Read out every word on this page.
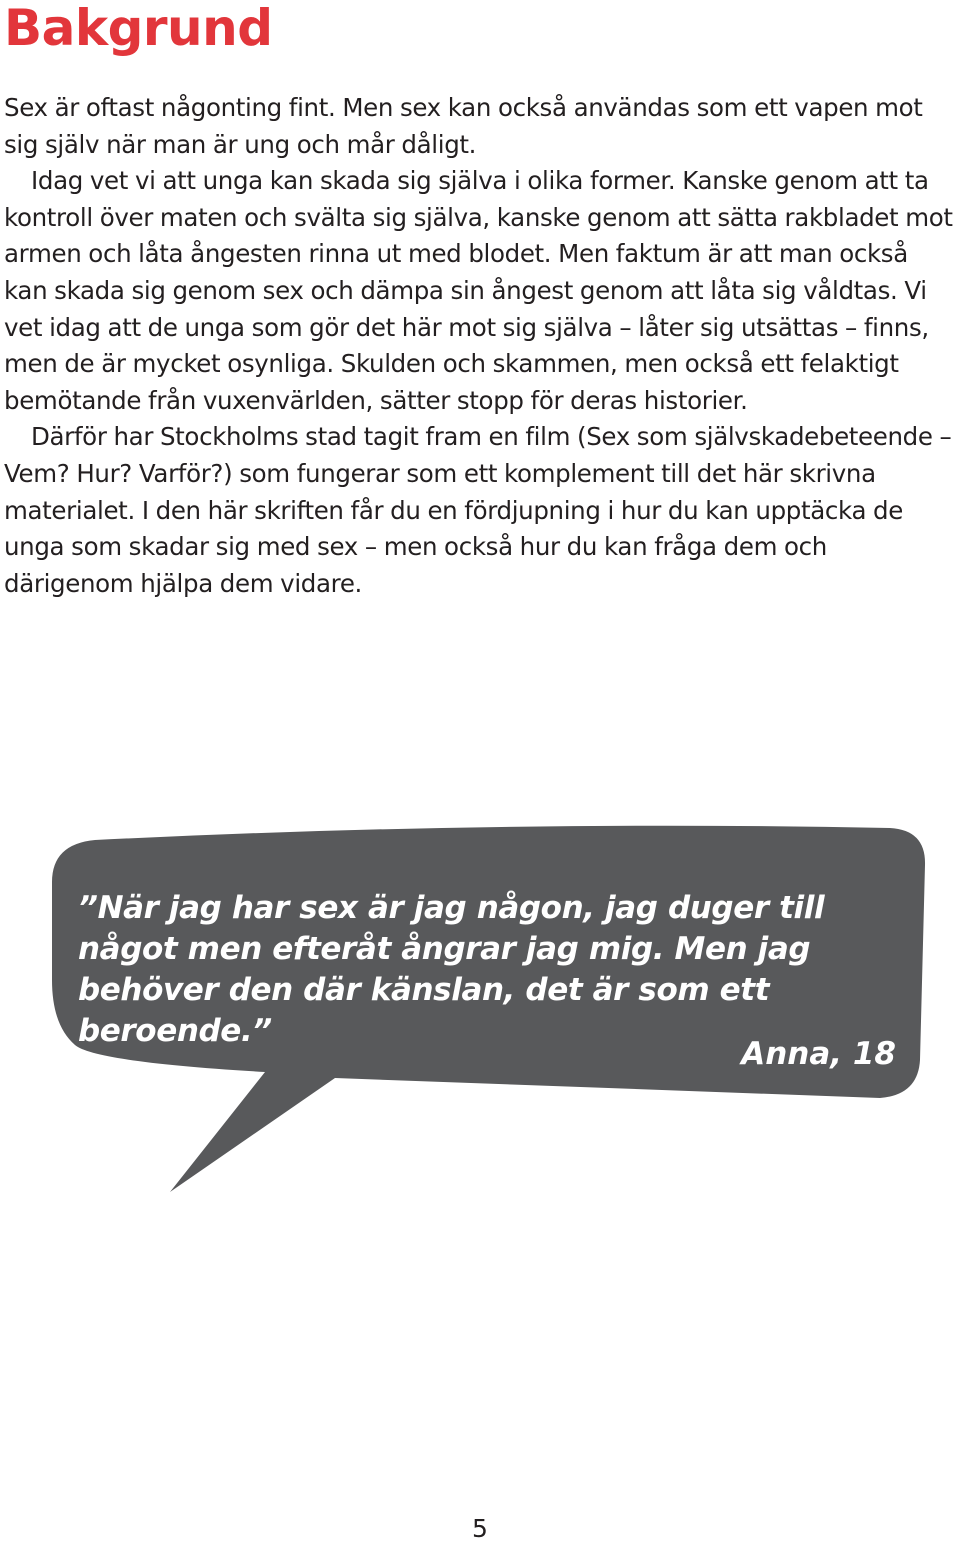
Bakgrund

Sex är oftast någonting fint. Men sex kan också användas som ett vapen mot sig själv när man är ung och mår dåligt.

Idag vet vi att unga kan skada sig själva i olika former. Kanske genom att ta kontroll över maten och svälta sig själva, kanske genom att sätta rakbladet mot armen och låta ångesten rinna ut med blodet. Men faktum är att man också kan skada sig genom sex och dämpa sin ångest genom att låta sig våldtas. Vi vet idag att de unga som gör det här mot sig själva – låter sig utsättas – finns, men de är mycket osynliga. Skulden och skammen, men också ett felaktigt bemötande från vuxenvärlden, sätter stopp för deras historier.

Därför har Stockholms stad tagit fram en film (Sex som självskadebeteende – Vem? Hur? Varför?) som fungerar som ett komplement till det här skrivna materialet. I den här skriften får du en fördjupning i hur du kan upptäcka de unga som skadar sig med sex – men också hur du kan fråga dem och därigenom hjälpa dem vidare.

”När jag har sex är jag någon, jag duger till något men efteråt ångrar jag mig. Men jag behöver den där känslan, det är som ett beroende.”

Anna, 18

5
